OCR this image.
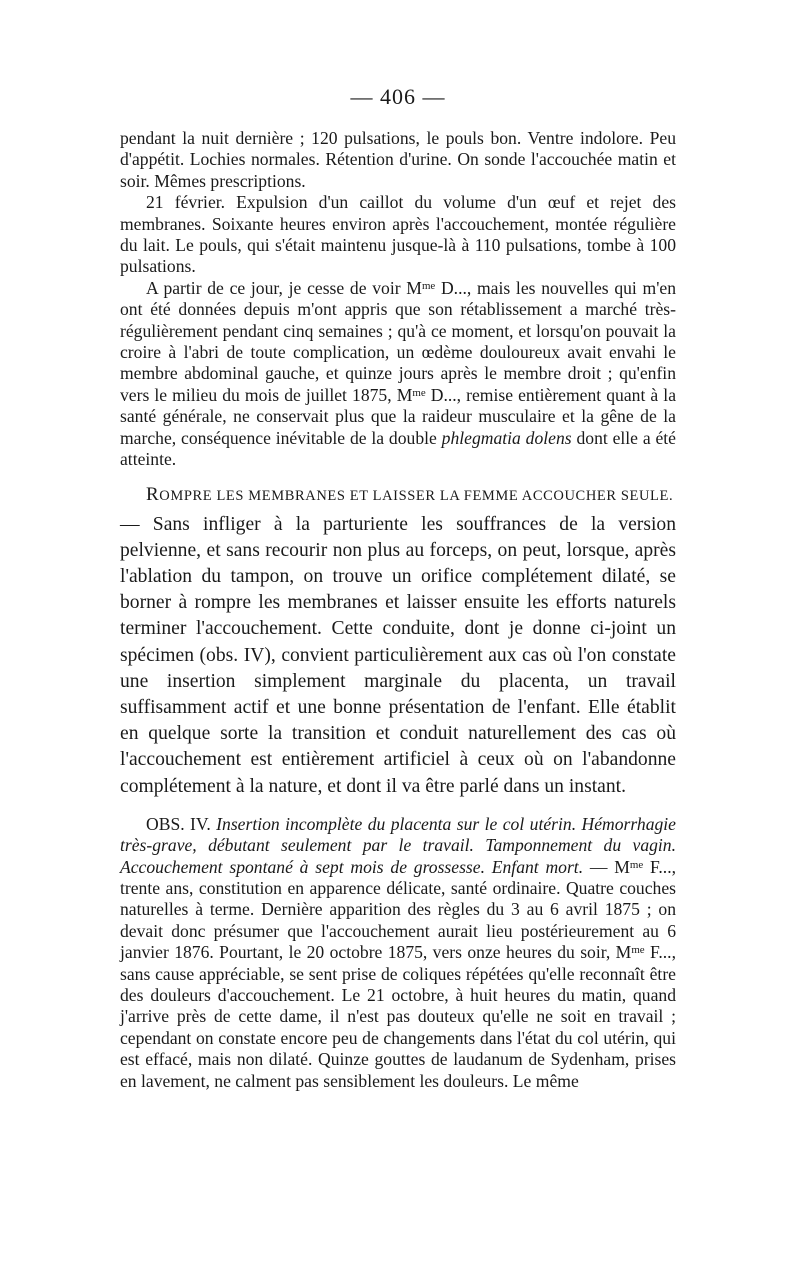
— 406 —

pendant la nuit dernière ; 120 pulsations, le pouls bon. Ventre indolore. Peu d'appétit. Lochies normales. Rétention d'urine. On sonde l'accouchée matin et soir. Mêmes prescriptions.

21 février. Expulsion d'un caillot du volume d'un œuf et rejet des membranes. Soixante heures environ après l'accouchement, montée régulière du lait. Le pouls, qui s'était maintenu jusque-là à 110 pulsations, tombe à 100 pulsations.

A partir de ce jour, je cesse de voir $M^{me}$ D..., mais les nouvelles qui m'en ont été données depuis m'ont appris que son rétablissement a marché très-régulièrement pendant cinq semaines ; qu'à ce moment, et lorsqu'on pouvait la croire à l'abri de toute complication, un œdème douloureux avait envahi le membre abdominal gauche, et quinze jours après le membre droit ; qu'enfin vers le milieu du mois de juillet 1875, $M^{me}$ D..., remise entièrement quant à la santé générale, ne conservait plus que la raideur musculaire et la gêne de la marche, conséquence inévitable de la double phlegmatia dolens dont elle a été atteinte.

ROMPRE LES MEMBRANES ET LAISSER LA FEMME ACCOUCHER SEULE.

— Sans infliger à la parturiente les souffrances de la version pelvienne, et sans recourir non plus au forceps, on peut, lorsque, après l'ablation du tampon, on trouve un orifice complétement dilaté, se borner à rompre les membranes et laisser ensuite les efforts naturels terminer l'accouchement. Cette conduite, dont je donne ci-joint un spécimen (obs. IV), convient particulièrement aux cas où l'on constate une insertion simplement marginale du placenta, un travail suffisamment actif et une bonne présentation de l'enfant. Elle établit en quelque sorte la transition et conduit naturellement des cas où l'accouchement est entièrement artificiel à ceux où on l'abandonne complétement à la nature, et dont il va être parlé dans un instant.

OBS. IV. Insertion incomplète du placenta sur le col utérin. Hémorrhagie très-grave, débutant seulement par le travail. Tamponnement du vagin. Accouchement spontané à sept mois de grossesse. Enfant mort. — $M^{me}$ F..., trente ans, constitution en apparence délicate, santé ordinaire. Quatre couches naturelles à terme. Dernière apparition des règles du 3 au 6 avril 1875 ; on devait donc présumer que l'accouchement aurait lieu postérieurement au 6 janvier 1876. Pourtant, le 20 octobre 1875, vers onze heures du soir, $M^{me}$ F..., sans cause appréciable, se sent prise de coliques répétées qu'elle reconnaît être des douleurs d'accouchement. Le 21 octobre, à huit heures du matin, quand j'arrive près de cette dame, il n'est pas douteux qu'elle ne soit en travail ; cependant on constate encore peu de changements dans l'état du col utérin, qui est effacé, mais non dilaté. Quinze gouttes de laudanum de Sydenham, prises en lavement, ne calment pas sensiblement les douleurs. Le même
